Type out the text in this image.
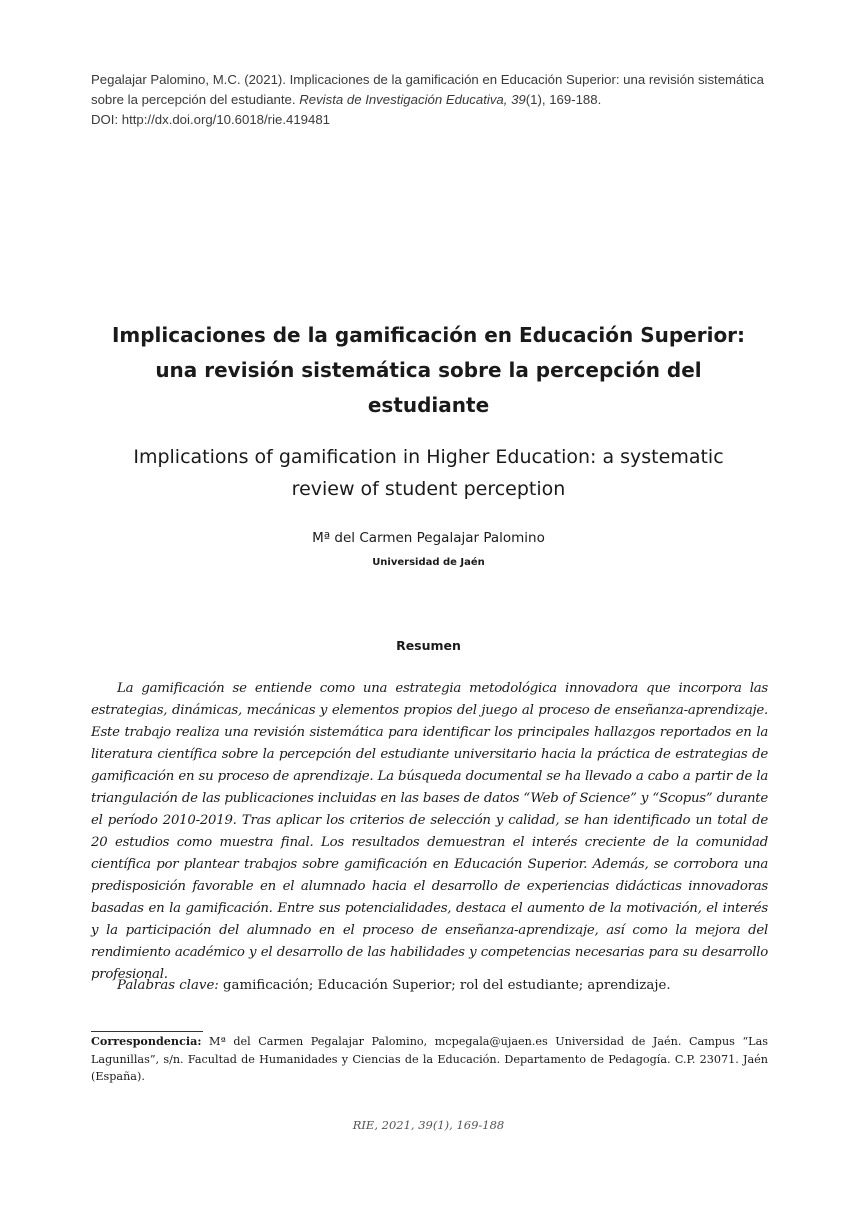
Pegalajar Palomino, M.C. (2021). Implicaciones de la gamificación en Educación Superior: una revisión sistemática
sobre la percepción del estudiante. Revista de Investigación Educativa, 39(1), 169-188.
DOI: http://dx.doi.org/10.6018/rie.419481
Implicaciones de la gamificación en Educación Superior:
una revisión sistemática sobre la percepción del
estudiante
Implications of gamification in Higher Education: a systematic
review of student perception
Mª del Carmen Pegalajar Palomino
Universidad de Jaén
Resumen

La gamificación se entiende como una estrategia metodológica innovadora que incorpora las estrategias, dinámicas, mecánicas y elementos propios del juego al proceso de enseñanza-aprendizaje. Este trabajo realiza una revisión sistemática para identificar los principales hallazgos reportados en la literatura científica sobre la percepción del estudiante universitario hacia la práctica de estrategias de gamificación en su proceso de aprendizaje. La búsqueda documental se ha llevado a cabo a partir de la triangulación de las publicaciones incluidas en las bases de datos “Web of Science” y “Scopus” durante el período 2010-2019. Tras aplicar los criterios de selección y calidad, se han identificado un total de 20 estudios como muestra final. Los resultados demuestran el interés creciente de la comunidad científica por plantear trabajos sobre gamificación en Educación Superior. Además, se corrobora una predisposición favorable en el alumnado hacia el desarrollo de experiencias didácticas innovadoras basadas en la gamificación. Entre sus potencialidades, destaca el aumento de la motivación, el interés y la participación del alumnado en el proceso de enseñanza-aprendizaje, así como la mejora del rendimiento académico y el desarrollo de las habilidades y competencias necesarias para su desarrollo profesional.

Palabras clave: gamificación; Educación Superior; rol del estudiante; aprendizaje.
Correspondencia: Mª del Carmen Pegalajar Palomino, mcpegala@ujaen.es Universidad de Jaén. Campus “Las Lagunillas”, s/n. Facultad de Humanidades y Ciencias de la Educación. Departamento de Pedagogía. C.P. 23071. Jaén (España).
RIE, 2021, 39(1), 169-188
